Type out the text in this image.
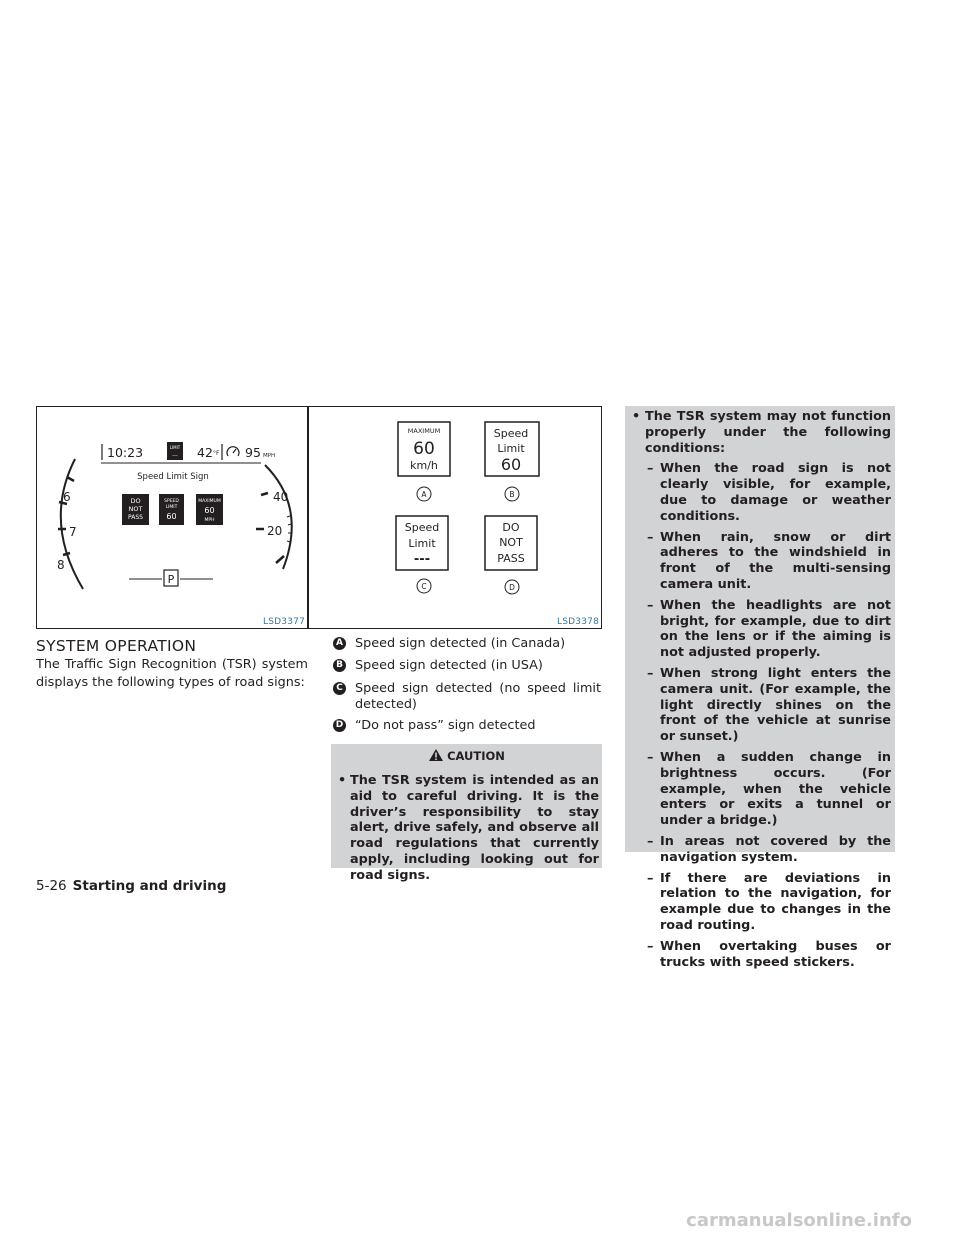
10:23	LIMIT
--- 42 °F 95 MPH
6
7
8
40
20
Speed Limit Sign
DO
NOT
PASS
SPEED
LIMIT
60
MAXIMUM
60
MPH
P
LSD3377
MAXIMUM
60
km/h
A
Speed
Limit
60
B
Speed
Limit
---
C
DO
NOT
PASS
D
LSD3378
SYSTEM OPERATION
The Traffic Sign Recognition (TSR) system displays the following types of road signs:
A Speed sign detected (in Canada)
B Speed sign detected (in USA)
C Speed sign detected (no speed limit detected)
D “Do not pass” sign detected
CAUTION
• The TSR system is intended as an aid to careful driving. It is the driver’s responsibility to stay alert, drive safely, and observe all road regulations that currently apply, including looking out for road signs.
• The TSR system may not function properly under the following conditions:
– When the road sign is not clearly visible, for example, due to damage or weather conditions.
– When rain, snow or dirt adheres to the windshield in front of the multi-sensing camera unit.
– When the headlights are not bright, for example, due to dirt on the lens or if the aiming is not adjusted properly.
– When strong light enters the camera unit. (For example, the light directly shines on the front of the vehicle at sunrise or sunset.)
– When a sudden change in brightness occurs. (For example, when the vehicle enters or exits a tunnel or under a bridge.)
– In areas not covered by the navigation system.
– If there are deviations in relation to the navigation, for example due to changes in the road routing.
– When overtaking buses or trucks with speed stickers.
5-26 Starting and driving
carmanualsonline.info
